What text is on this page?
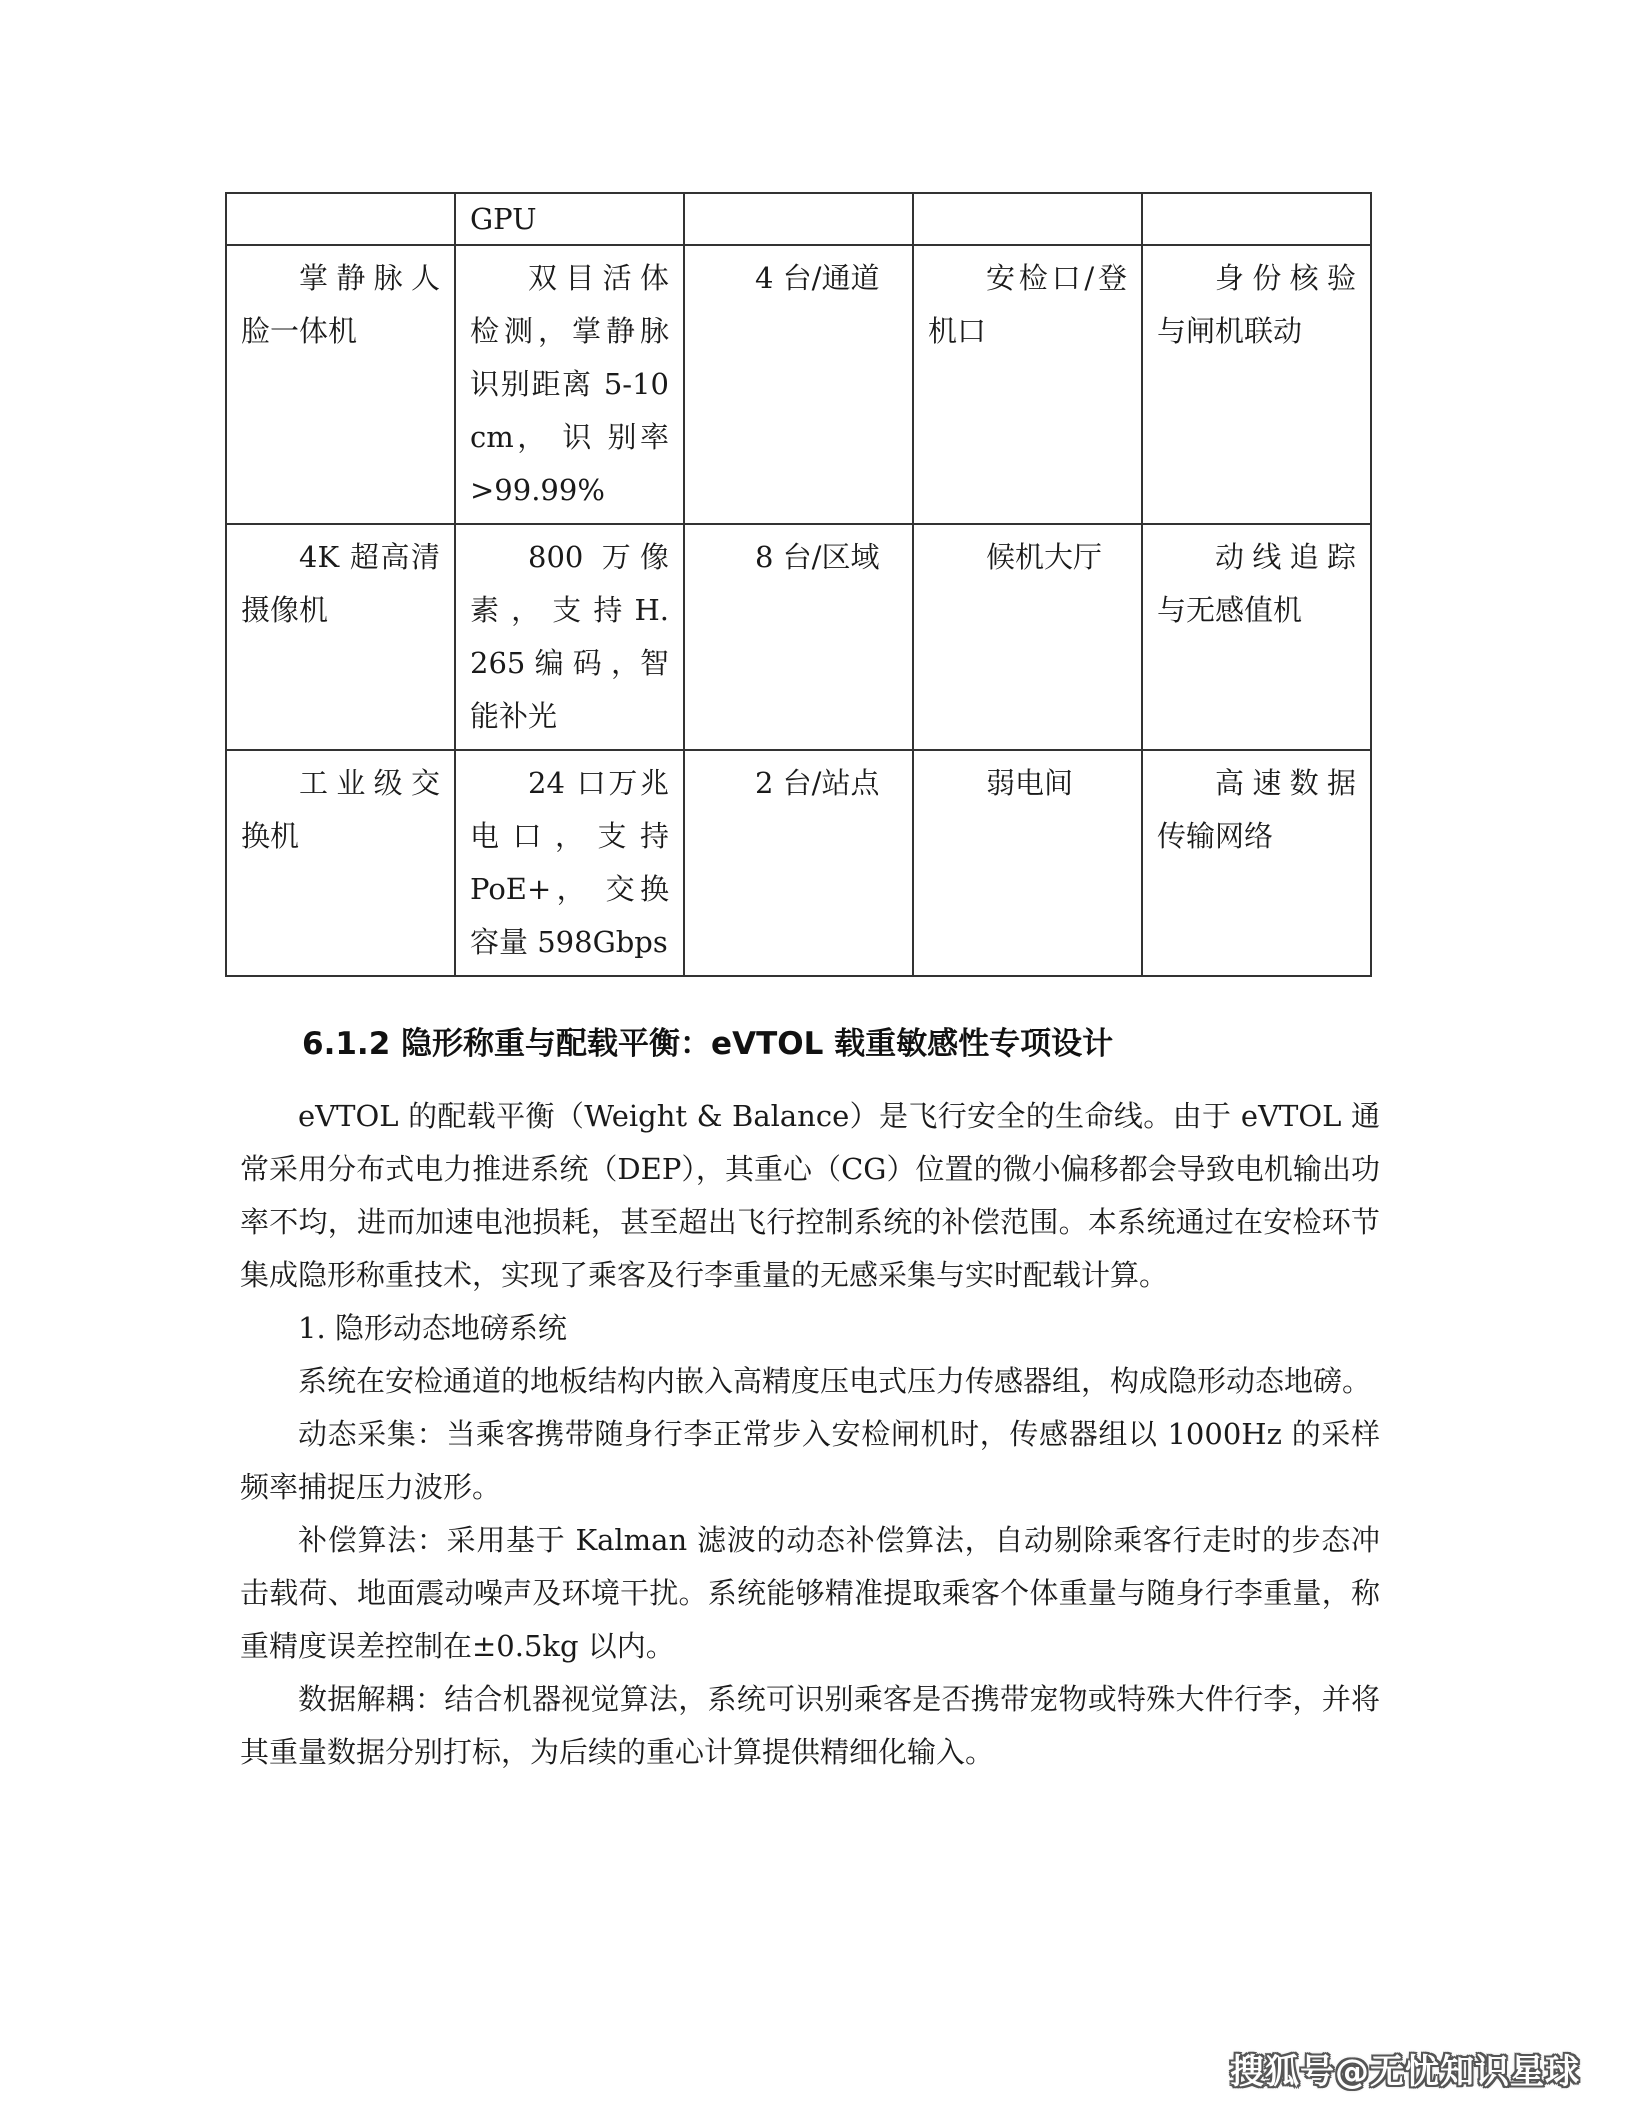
	GPU			

掌静脉人脸一体机	双目活体检测，掌静脉识别距离 5-10cm， 识 别率>99.99%	4 台/通道	安检口/登机口	身份核验与闸机联动

4K 超高清摄像机	800 万像素 ， 支 持 H.265 编 码 ，智能补光	8 台/区域	候机大厅	动线追踪与无感值机

工业级交换机	24 口万兆电 口 ， 支 持 PoE+， 交换容量 598Gbps	2 台/站点	弱电间	高速数据传输网络
6.1.2 隐形称重与配载平衡：eVTOL 载重敏感性专项设计

eVTOL 的配载平衡（Weight & Balance）是飞行安全的生命线。由于 eVTOL 通常采用分布式电力推进系统（DEP），其重心（CG）位置的微小偏移都会导致电机输出功率不均，进而加速电池损耗，甚至超出飞行控制系统的补偿范围。本系统通过在安检环节集成隐形称重技术，实现了乘客及行李重量的无感采集与实时配载计算。

1. 隐形动态地磅系统

系统在安检通道的地板结构内嵌入高精度压电式压力传感器组，构成隐形动态地磅。

动态采集：当乘客携带随身行李正常步入安检闸机时，传感器组以 1000Hz 的采样频率捕捉压力波形。

补偿算法：采用基于 Kalman 滤波的动态补偿算法，自动剔除乘客行走时的步态冲击载荷、地面震动噪声及环境干扰。系统能够精准提取乘客个体重量与随身行李重量，称重精度误差控制在±0.5kg 以内。

数据解耦：结合机器视觉算法，系统可识别乘客是否携带宠物或特殊大件行李，并将其重量数据分别打标，为后续的重心计算提供精细化输入。

搜狐号@无忧知识星球
